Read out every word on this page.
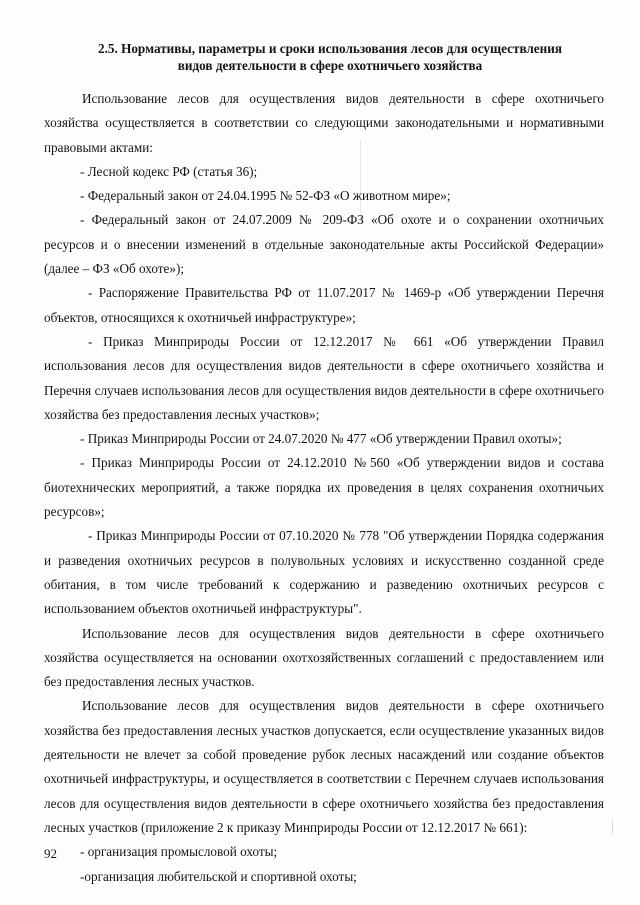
2.5. Нормативы, параметры и сроки использования лесов для осуществления
видов деятельности в сфере охотничьего хозяйства

Использование лесов для осуществления видов деятельности в сфере охотничьего хозяйства осуществляется в соответствии со следующими законодательными и нормативными правовыми актами:

- Лесной кодекс РФ (статья 36);

- Федеральный закон от 24.04.1995 № 52-ФЗ «О животном мире»;

- Федеральный закон от 24.07.2009 № 209-ФЗ «Об охоте и о сохранении охотничьих ресурсов и о внесении изменений в отдельные законодательные акты Российской Федерации» (далее – ФЗ «Об охоте»);

- Распоряжение Правительства РФ от 11.07.2017 № 1469-р «Об утверждении Перечня объектов, относящихся к охотничьей инфраструктуре»;

- Приказ Минприроды России от 12.12.2017 № 661 «Об утверждении Правил использования лесов для осуществления видов деятельности в сфере охотничьего хозяйства и Перечня случаев использования лесов для осуществления видов деятельности в сфере охотничьего хозяйства без предоставления лесных участков»;

- Приказ Минприроды России от 24.07.2020 № 477 «Об утверждении Правил охоты»;

- Приказ Минприроды России от 24.12.2010 №560 «Об утверждении видов и состава биотехнических мероприятий, а также порядка их проведения в целях сохранения охотничьих ресурсов»;

- Приказ Минприроды России от 07.10.2020 № 778 "Об утверждении Порядка содержания и разведения охотничьих ресурсов в полувольных условиях и искусственно созданной среде обитания, в том числе требований к содержанию и разведению охотничьих ресурсов с использованием объектов охотничьей инфраструктуры".

Использование лесов для осуществления видов деятельности в сфере охотничьего хозяйства осуществляется на основании охотхозяйственных соглашений с предоставлением или без предоставления лесных участков.

Использование лесов для осуществления видов деятельности в сфере охотничьего хозяйства без предоставления лесных участков допускается, если осуществление указанных видов деятельности не влечет за собой проведение рубок лесных насаждений или создание объектов охотничьей инфраструктуры, и осуществляется в соответствии с Перечнем случаев использования лесов для осуществления видов деятельности в сфере охотничьего хозяйства без предоставления лесных участков (приложение 2 к приказу Минприроды России от 12.12.2017 № 661):

- организация промысловой охоты;

-организация любительской и спортивной охоты;

92
